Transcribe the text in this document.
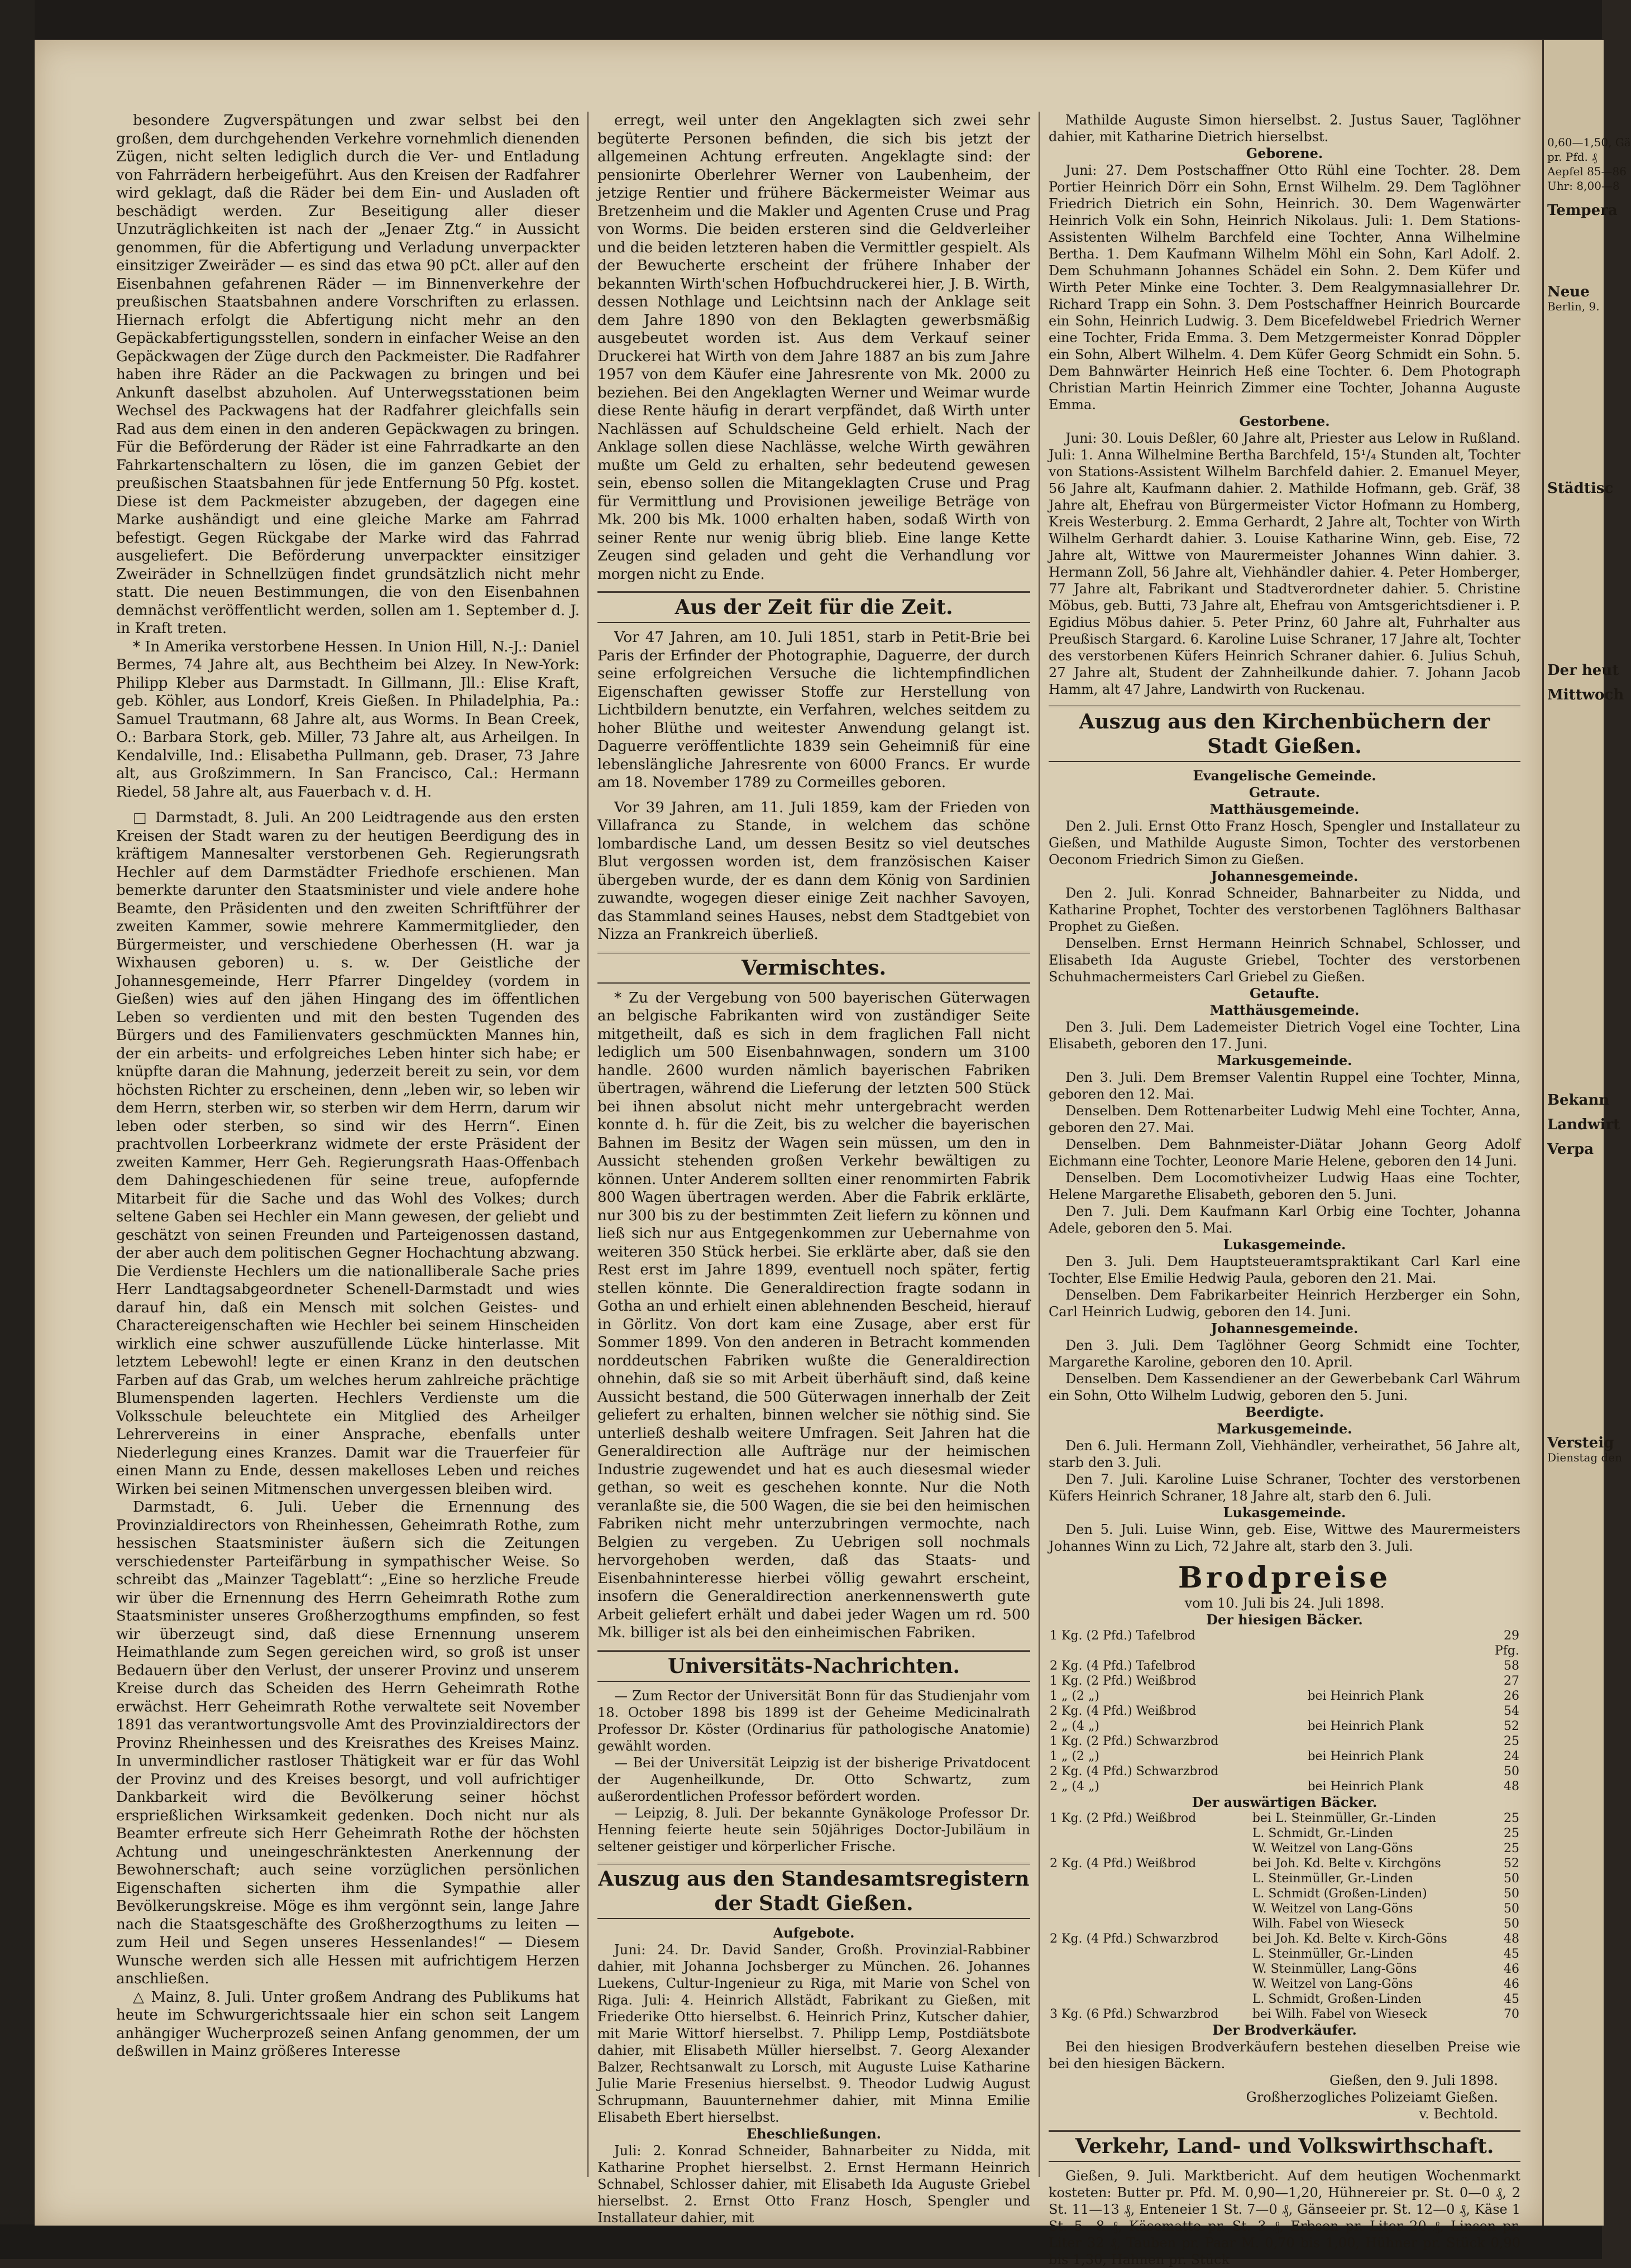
besondere Zugverspätungen und zwar selbst bei den großen, dem durchgehenden Verkehre vornehmlich dienenden Zügen, nicht selten lediglich durch die Ver- und Entladung von Fahrrädern herbeigeführt. Aus den Kreisen der Radfahrer wird geklagt, daß die Räder bei dem Ein- und Ausladen oft beschädigt werden. Zur Beseitigung aller dieser Unzuträglichkeiten ist nach der „Jenaer Ztg.“ in Aussicht genommen, für die Abfertigung und Verladung unverpackter einsitziger Zweiräder — es sind das etwa 90 pCt. aller auf den Eisenbahnen gefahrenen Räder — im Binnenverkehre der preußischen Staatsbahnen andere Vorschriften zu erlassen. Hiernach erfolgt die Abfertigung nicht mehr an den Gepäckabfertigungsstellen, sondern in einfacher Weise an den Gepäckwagen der Züge durch den Packmeister. Die Radfahrer haben ihre Räder an die Packwagen zu bringen und bei Ankunft daselbst abzuholen. Auf Unterwegsstationen beim Wechsel des Packwagens hat der Radfahrer gleichfalls sein Rad aus dem einen in den anderen Gepäckwagen zu bringen. Für die Beförderung der Räder ist eine Fahrradkarte an den Fahrkartenschaltern zu lösen, die im ganzen Gebiet der preußischen Staatsbahnen für jede Entfernung 50 Pfg. kostet. Diese ist dem Packmeister abzugeben, der dagegen eine Marke aushändigt und eine gleiche Marke am Fahrrad befestigt. Gegen Rückgabe der Marke wird das Fahrrad ausgeliefert. Die Beförderung unverpackter einsitziger Zweiräder in Schnellzügen findet grundsätzlich nicht mehr statt. Die neuen Bestimmungen, die von den Eisenbahnen demnächst veröffentlicht werden, sollen am 1. September d. J. in Kraft treten.

* In Amerika verstorbene Hessen. In Union Hill, N.-J.: Daniel Bermes, 74 Jahre alt, aus Bechtheim bei Alzey. In New-York: Philipp Kleber aus Darmstadt. In Gillmann, Jll.: Elise Kraft, geb. Köhler, aus Londorf, Kreis Gießen. In Philadelphia, Pa.: Samuel Trautmann, 68 Jahre alt, aus Worms. In Bean Creek, O.: Barbara Stork, geb. Miller, 73 Jahre alt, aus Arheilgen. In Kendalville, Ind.: Elisabetha Pullmann, geb. Draser, 73 Jahre alt, aus Großzimmern. In San Francisco, Cal.: Hermann Riedel, 58 Jahre alt, aus Fauerbach v. d. H.

□ Darmstadt, 8. Juli. An 200 Leidtragende aus den ersten Kreisen der Stadt waren zu der heutigen Beerdigung des in kräftigem Mannesalter verstorbenen Geh. Regierungsrath Hechler auf dem Darmstädter Friedhofe erschienen. Man bemerkte darunter den Staatsminister und viele andere hohe Beamte, den Präsidenten und den zweiten Schriftführer der zweiten Kammer, sowie mehrere Kammermitglieder, den Bürgermeister, und verschiedene Oberhessen (H. war ja Wixhausen geboren) u. s. w. Der Geistliche der Johannesgemeinde, Herr Pfarrer Dingeldey (vordem in Gießen) wies auf den jähen Hingang des im öffentlichen Leben so verdienten und mit den besten Tugenden des Bürgers und des Familienvaters geschmückten Mannes hin, der ein arbeits- und erfolgreiches Leben hinter sich habe; er knüpfte daran die Mahnung, jederzeit bereit zu sein, vor dem höchsten Richter zu erscheinen, denn „leben wir, so leben wir dem Herrn, sterben wir, so sterben wir dem Herrn, darum wir leben oder sterben, so sind wir des Herrn“. Einen prachtvollen Lorbeerkranz widmete der erste Präsident der zweiten Kammer, Herr Geh. Regierungsrath Haas-Offenbach dem Dahingeschiedenen für seine treue, aufopfernde Mitarbeit für die Sache und das Wohl des Volkes; durch seltene Gaben sei Hechler ein Mann gewesen, der geliebt und geschätzt von seinen Freunden und Parteigenossen dastand, der aber auch dem politischen Gegner Hochachtung abzwang. Die Verdienste Hechlers um die nationalliberale Sache pries Herr Landtagsabgeordneter Schenell-Darmstadt und wies darauf hin, daß ein Mensch mit solchen Geistes- und Charactereigenschaften wie Hechler bei seinem Hinscheiden wirklich eine schwer auszufüllende Lücke hinterlasse. Mit letztem Lebewohl! legte er einen Kranz in den deutschen Farben auf das Grab, um welches herum zahlreiche prächtige Blumenspenden lagerten. Hechlers Verdienste um die Volksschule beleuchtete ein Mitglied des Arheilger Lehrervereins in einer Ansprache, ebenfalls unter Niederlegung eines Kranzes. Damit war die Trauerfeier für einen Mann zu Ende, dessen makelloses Leben und reiches Wirken bei seinen Mitmenschen unvergessen bleiben wird.

Darmstadt, 6. Juli. Ueber die Ernennung des Provinzialdirectors von Rheinhessen, Geheimrath Rothe, zum hessischen Staatsminister äußern sich die Zeitungen verschiedenster Parteifärbung in sympathischer Weise. So schreibt das „Mainzer Tageblatt“: „Eine so herzliche Freude wir über die Ernennung des Herrn Geheimrath Rothe zum Staatsminister unseres Großherzogthums empfinden, so fest wir überzeugt sind, daß diese Ernennung unserem Heimathlande zum Segen gereichen wird, so groß ist unser Bedauern über den Verlust, der unserer Provinz und unserem Kreise durch das Scheiden des Herrn Geheimrath Rothe erwächst. Herr Geheimrath Rothe verwaltete seit November 1891 das verantwortungsvolle Amt des Provinzialdirectors der Provinz Rheinhessen und des Kreisrathes des Kreises Mainz. In unvermindlicher rastloser Thätigkeit war er für das Wohl der Provinz und des Kreises besorgt, und voll aufrichtiger Dankbarkeit wird die Bevölkerung seiner höchst ersprießlichen Wirksamkeit gedenken. Doch nicht nur als Beamter erfreute sich Herr Geheimrath Rothe der höchsten Achtung und uneingeschränktesten Anerkennung der Bewohnerschaft; auch seine vorzüglichen persönlichen Eigenschaften sicherten ihm die Sympathie aller Bevölkerungskreise. Möge es ihm vergönnt sein, lange Jahre nach die Staatsgeschäfte des Großherzogthums zu leiten — zum Heil und Segen unseres Hessenlandes!“ — Diesem Wunsche werden sich alle Hessen mit aufrichtigem Herzen anschließen.

△ Mainz, 8. Juli. Unter großem Andrang des Publikums hat heute im Schwurgerichtssaale hier ein schon seit Langem anhängiger Wucherprozeß seinen Anfang genommen, der um deßwillen in Mainz größeres Interesse

erregt, weil unter den Angeklagten sich zwei sehr begüterte Personen befinden, die sich bis jetzt der allgemeinen Achtung erfreuten. Angeklagte sind: der pensionirte Oberlehrer Werner von Laubenheim, der jetzige Rentier und frühere Bäckermeister Weimar aus Bretzenheim und die Makler und Agenten Cruse und Prag von Worms. Die beiden ersteren sind die Geldverleiher und die beiden letzteren haben die Vermittler gespielt. Als der Bewucherte erscheint der frühere Inhaber der bekannten Wirth'schen Hofbuchdruckerei hier, J. B. Wirth, dessen Nothlage und Leichtsinn nach der Anklage seit dem Jahre 1890 von den Beklagten gewerbsmäßig ausgebeutet worden ist. Aus dem Verkauf seiner Druckerei hat Wirth von dem Jahre 1887 an bis zum Jahre 1957 von dem Käufer eine Jahresrente von Mk. 2000 zu beziehen. Bei den Angeklagten Werner und Weimar wurde diese Rente häufig in derart verpfändet, daß Wirth unter Nachlässen auf Schuldscheine Geld erhielt. Nach der Anklage sollen diese Nachlässe, welche Wirth gewähren mußte um Geld zu erhalten, sehr bedeutend gewesen sein, ebenso sollen die Mitangeklagten Cruse und Prag für Vermittlung und Provisionen jeweilige Beträge von Mk. 200 bis Mk. 1000 erhalten haben, sodaß Wirth von seiner Rente nur wenig übrig blieb. Eine lange Kette Zeugen sind geladen und geht die Verhandlung vor morgen nicht zu Ende.

Aus der Zeit für die Zeit.

Vor 47 Jahren, am 10. Juli 1851, starb in Petit-Brie bei Paris der Erfinder der Photographie, Daguerre, der durch seine erfolgreichen Versuche die lichtempfindlichen Eigenschaften gewisser Stoffe zur Herstellung von Lichtbildern benutzte, ein Verfahren, welches seitdem zu hoher Blüthe und weitester Anwendung gelangt ist. Daguerre veröffentlichte 1839 sein Geheimniß für eine lebenslängliche Jahresrente von 6000 Francs. Er wurde am 18. November 1789 zu Cormeilles geboren.

Vor 39 Jahren, am 11. Juli 1859, kam der Frieden von Villafranca zu Stande, in welchem das schöne lombardische Land, um dessen Besitz so viel deutsches Blut vergossen worden ist, dem französischen Kaiser übergeben wurde, der es dann dem König von Sardinien zuwandte, wogegen dieser einige Zeit nachher Savoyen, das Stammland seines Hauses, nebst dem Stadtgebiet von Nizza an Frankreich überließ.

Vermischtes.

* Zu der Vergebung von 500 bayerischen Güterwagen an belgische Fabrikanten wird von zuständiger Seite mitgetheilt, daß es sich in dem fraglichen Fall nicht lediglich um 500 Eisenbahnwagen, sondern um 3100 handle. 2600 wurden nämlich bayerischen Fabriken übertragen, während die Lieferung der letzten 500 Stück bei ihnen absolut nicht mehr untergebracht werden konnte d. h. für die Zeit, bis zu welcher die bayerischen Bahnen im Besitz der Wagen sein müssen, um den in Aussicht stehenden großen Verkehr bewältigen zu können. Unter Anderem sollten einer renommirten Fabrik 800 Wagen übertragen werden. Aber die Fabrik erklärte, nur 300 bis zu der bestimmten Zeit liefern zu können und ließ sich nur aus Entgegenkommen zur Uebernahme von weiteren 350 Stück herbei. Sie erklärte aber, daß sie den Rest erst im Jahre 1899, eventuell noch später, fertig stellen könnte. Die Generaldirection fragte sodann in Gotha an und erhielt einen ablehnenden Bescheid, hierauf in Görlitz. Von dort kam eine Zusage, aber erst für Sommer 1899. Von den anderen in Betracht kommenden norddeutschen Fabriken wußte die Generaldirection ohnehin, daß sie so mit Arbeit überhäuft sind, daß keine Aussicht bestand, die 500 Güterwagen innerhalb der Zeit geliefert zu erhalten, binnen welcher sie nöthig sind. Sie unterließ deshalb weitere Umfragen. Seit Jahren hat die Generaldirection alle Aufträge nur der heimischen Industrie zugewendet und hat es auch diesesmal wieder gethan, so weit es geschehen konnte. Nur die Noth veranlaßte sie, die 500 Wagen, die sie bei den heimischen Fabriken nicht mehr unterzubringen vermochte, nach Belgien zu vergeben. Zu Uebrigen soll nochmals hervorgehoben werden, daß das Staats- und Eisenbahninteresse hierbei völlig gewahrt erscheint, insofern die Generaldirection anerkennenswerth gute Arbeit geliefert erhält und dabei jeder Wagen um rd. 500 Mk. billiger ist als bei den einheimischen Fabriken.

Universitäts-Nachrichten.

— Zum Rector der Universität Bonn für das Studienjahr vom 18. October 1898 bis 1899 ist der Geheime Medicinalrath Professor Dr. Köster (Ordinarius für pathologische Anatomie) gewählt worden.

— Bei der Universität Leipzig ist der bisherige Privatdocent der Augenheilkunde, Dr. Otto Schwartz, zum außerordentlichen Professor befördert worden.

— Leipzig, 8. Juli. Der bekannte Gynäkologe Professor Dr. Henning feierte heute sein 50jähriges Doctor-Jubiläum in seltener geistiger und körperlicher Frische.

Auszug aus den Standesamtsregistern der Stadt Gießen.
Aufgebote.

Juni: 24. Dr. David Sander, Großh. Provinzial-Rabbiner dahier, mit Johanna Jochsberger zu München. 26. Johannes Luekens, Cultur-Ingenieur zu Riga, mit Marie von Schel von Riga. Juli: 4. Heinrich Allstädt, Fabrikant zu Gießen, mit Friederike Otto hierselbst. 6. Heinrich Prinz, Kutscher dahier, mit Marie Wittorf hierselbst. 7. Philipp Lemp, Postdiätsbote dahier, mit Elisabeth Müller hierselbst. 7. Georg Alexander Balzer, Rechtsanwalt zu Lorsch, mit Auguste Luise Katharine Julie Marie Fresenius hierselbst. 9. Theodor Ludwig August Schrupmann, Bauunternehmer dahier, mit Minna Emilie Elisabeth Ebert hierselbst.

Eheschließungen.

Juli: 2. Konrad Schneider, Bahnarbeiter zu Nidda, mit Katharine Prophet hierselbst. 2. Ernst Hermann Heinrich Schnabel, Schlosser dahier, mit Elisabeth Ida Auguste Griebel hierselbst. 2. Ernst Otto Franz Hosch, Spengler und Installateur dahier, mit

Mathilde Auguste Simon hierselbst. 2. Justus Sauer, Taglöhner dahier, mit Katharine Dietrich hierselbst.

Geborene.

Juni: 27. Dem Postschaffner Otto Rühl eine Tochter. 28. Dem Portier Heinrich Dörr ein Sohn, Ernst Wilhelm. 29. Dem Taglöhner Friedrich Dietrich ein Sohn, Heinrich. 30. Dem Wagenwärter Heinrich Volk ein Sohn, Heinrich Nikolaus. Juli: 1. Dem Stations-Assistenten Wilhelm Barchfeld eine Tochter, Anna Wilhelmine Bertha. 1. Dem Kaufmann Wilhelm Möhl ein Sohn, Karl Adolf. 2. Dem Schuhmann Johannes Schädel ein Sohn. 2. Dem Küfer und Wirth Peter Minke eine Tochter. 3. Dem Realgymnasiallehrer Dr. Richard Trapp ein Sohn. 3. Dem Postschaffner Heinrich Bourcarde ein Sohn, Heinrich Ludwig. 3. Dem Bicefeldwebel Friedrich Werner eine Tochter, Frida Emma. 3. Dem Metzgermeister Konrad Döppler ein Sohn, Albert Wilhelm. 4. Dem Küfer Georg Schmidt ein Sohn. 5. Dem Bahnwärter Heinrich Heß eine Tochter. 6. Dem Photograph Christian Martin Heinrich Zimmer eine Tochter, Johanna Auguste Emma.

Gestorbene.

Juni: 30. Louis Deßler, 60 Jahre alt, Priester aus Lelow in Rußland. Juli: 1. Anna Wilhelmine Bertha Barchfeld, 15¹/₄ Stunden alt, Tochter von Stations-Assistent Wilhelm Barchfeld dahier. 2. Emanuel Meyer, 56 Jahre alt, Kaufmann dahier. 2. Mathilde Hofmann, geb. Gräf, 38 Jahre alt, Ehefrau von Bürgermeister Victor Hofmann zu Homberg, Kreis Westerburg. 2. Emma Gerhardt, 2 Jahre alt, Tochter von Wirth Wilhelm Gerhardt dahier. 3. Louise Katharine Winn, geb. Eise, 72 Jahre alt, Wittwe von Maurermeister Johannes Winn dahier. 3. Hermann Zoll, 56 Jahre alt, Viehhändler dahier. 4. Peter Homberger, 77 Jahre alt, Fabrikant und Stadtverordneter dahier. 5. Christine Möbus, geb. Butti, 73 Jahre alt, Ehefrau von Amtsgerichtsdiener i. P. Egidius Möbus dahier. 5. Peter Prinz, 60 Jahre alt, Fuhrhalter aus Preußisch Stargard. 6. Karoline Luise Schraner, 17 Jahre alt, Tochter des verstorbenen Küfers Heinrich Schraner dahier. 6. Julius Schuh, 27 Jahre alt, Student der Zahnheilkunde dahier. 7. Johann Jacob Hamm, alt 47 Jahre, Landwirth von Ruckenau.

Auszug aus den Kirchenbüchern der Stadt Gießen.
Evangelische Gemeinde.
Getraute.
Matthäusgemeinde.

Den 2. Juli. Ernst Otto Franz Hosch, Spengler und Installateur zu Gießen, und Mathilde Auguste Simon, Tochter des verstorbenen Oeconom Friedrich Simon zu Gießen.

Johannesgemeinde.

Den 2. Juli. Konrad Schneider, Bahnarbeiter zu Nidda, und Katharine Prophet, Tochter des verstorbenen Taglöhners Balthasar Prophet zu Gießen.

Denselben. Ernst Hermann Heinrich Schnabel, Schlosser, und Elisabeth Ida Auguste Griebel, Tochter des verstorbenen Schuhmachermeisters Carl Griebel zu Gießen.

Getaufte.
Matthäusgemeinde.

Den 3. Juli. Dem Lademeister Dietrich Vogel eine Tochter, Lina Elisabeth, geboren den 17. Juni.

Markusgemeinde.

Den 3. Juli. Dem Bremser Valentin Ruppel eine Tochter, Minna, geboren den 12. Mai.

Denselben. Dem Rottenarbeiter Ludwig Mehl eine Tochter, Anna, geboren den 27. Mai.

Denselben. Dem Bahnmeister-Diätar Johann Georg Adolf Eichmann eine Tochter, Leonore Marie Helene, geboren den 14 Juni.

Denselben. Dem Locomotivheizer Ludwig Haas eine Tochter, Helene Margarethe Elisabeth, geboren den 5. Juni.

Den 7. Juli. Dem Kaufmann Karl Orbig eine Tochter, Johanna Adele, geboren den 5. Mai.

Lukasgemeinde.

Den 3. Juli. Dem Hauptsteueramtspraktikant Carl Karl eine Tochter, Else Emilie Hedwig Paula, geboren den 21. Mai.

Denselben. Dem Fabrikarbeiter Heinrich Herzberger ein Sohn, Carl Heinrich Ludwig, geboren den 14. Juni.

Johannesgemeinde.

Den 3. Juli. Dem Taglöhner Georg Schmidt eine Tochter, Margarethe Karoline, geboren den 10. April.

Denselben. Dem Kassendiener an der Gewerbebank Carl Währum ein Sohn, Otto Wilhelm Ludwig, geboren den 5. Juni.

Beerdigte.
Markusgemeinde.

Den 6. Juli. Hermann Zoll, Viehhändler, verheirathet, 56 Jahre alt, starb den 3. Juli.

Den 7. Juli. Karoline Luise Schraner, Tochter des verstorbenen Küfers Heinrich Schraner, 18 Jahre alt, starb den 6. Juli.

Lukasgemeinde.

Den 5. Juli. Luise Winn, geb. Eise, Wittwe des Maurermeisters Johannes Winn zu Lich, 72 Jahre alt, starb den 3. Juli.

Brodpreise
vom 10. Juli bis 24. Juli 1898.
Der hiesigen Bäcker.
1 Kg. (2 Pfd.) Tafelbrod		29 Pfg.
2 Kg. (4 Pfd.) Tafelbrod		58
1 Kg. (2 Pfd.) Weißbrod		27
1 „ (2 „)	bei Heinrich Plank	26
2 Kg. (4 Pfd.) Weißbrod		54
2 „ (4 „)	bei Heinrich Plank	52
1 Kg. (2 Pfd.) Schwarzbrod		25
1 „ (2 „)	bei Heinrich Plank	24
2 Kg. (4 Pfd.) Schwarzbrod		50
2 „ (4 „)	bei Heinrich Plank	48
Der auswärtigen Bäcker.
1 Kg. (2 Pfd.) Weißbrod	bei L. Steinmüller, Gr.-Linden	25
	L. Schmidt, Gr.-Linden	25
	W. Weitzel von Lang-Göns	25
2 Kg. (4 Pfd.) Weißbrod	bei Joh. Kd. Belte v. Kirchgöns	52
	L. Steinmüller, Gr.-Linden	50
	L. Schmidt (Großen-Linden)	50
	W. Weitzel von Lang-Göns	50
	Wilh. Fabel von Wieseck	50
2 Kg. (4 Pfd.) Schwarzbrod	bei Joh. Kd. Belte v. Kirch-Göns	48
	L. Steinmüller, Gr.-Linden	45
	W. Steinmüller, Lang-Göns	46
	W. Weitzel von Lang-Göns	46
	L. Schmidt, Großen-Linden	45
3 Kg. (6 Pfd.) Schwarzbrod	bei Wilh. Fabel von Wieseck	70
Der Brodverkäufer.

Bei den hiesigen Brodverkäufern bestehen dieselben Preise wie bei den hiesigen Bäckern.

Gießen, den 9. Juli 1898.
Großherzogliches Polizeiamt Gießen.
v. Bechtold.
Verkehr, Land- und Volkswirthschaft.

Gießen, 9. Juli. Marktbericht. Auf dem heutigen Wochenmarkt kosteten: Butter pr. Pfd. M. 0,90—1,20, Hühnereier pr. St. 0—0 ₰, 2 St. 11—13 ₰, Enteneier 1 St. 7—0 ₰, Gänseeier pr. St. 12—0 ₰, Käse 1 St. 5—8 ₰, Käsematte pr. St. 3 ₰, Erbsen pr. Liter 20 ₰, Linsen pr. Liter 32 ₰, Tauben pr. Paar M. 0,70 bis 1,00, Hühner pr. Stück 0,90 bis 1,30, Hahnen pr. Stück

0,60—1,50, Gä
pr. Pfd. ₰
Aepfel 85—86
Uhr: 8,00—8
Tempera
Neue
Berlin, 9.
Städtisc
Der heut
Mittwoch
Bekann
Landwirt
Verpa
Versteig
Dienstag den
